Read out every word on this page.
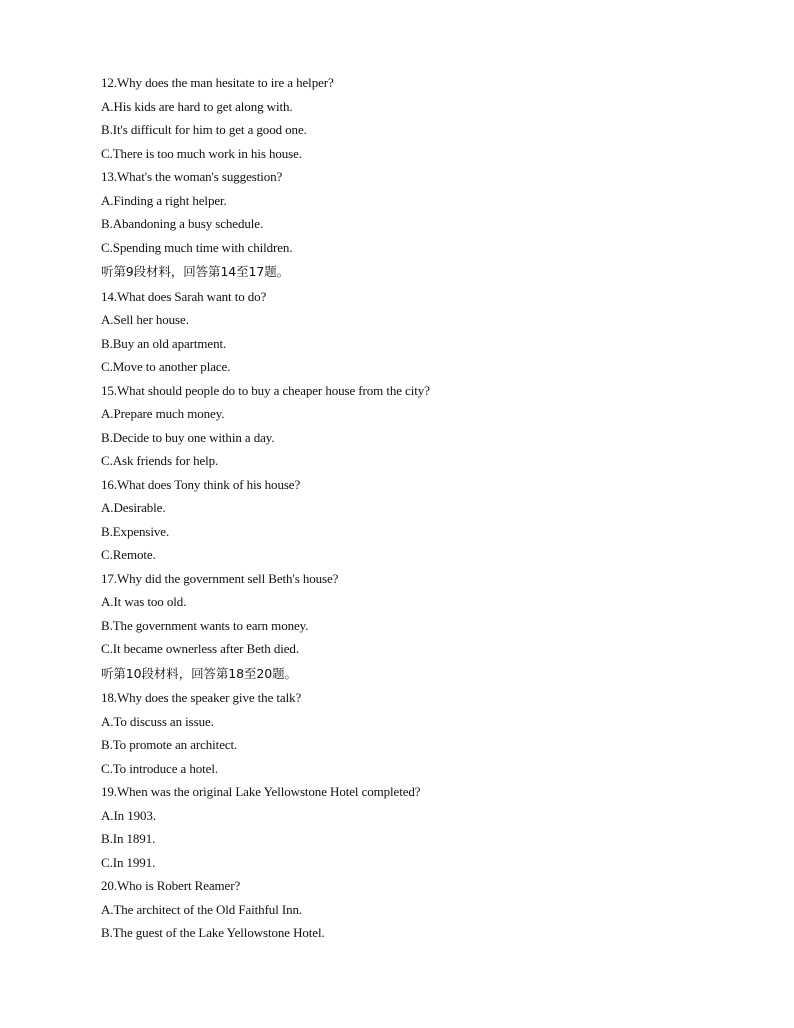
12.Why does the man hesitate to ire a helper?
A.His kids are hard to get along with.
B.It's difficult for him to get a good one.
C.There is too much work in his house.
13.What's the woman's suggestion?
A.Finding a right helper.
B.Abandoning a busy schedule.
C.Spending much time with children.
听第9段材料，回答第14至17题。
14.What does Sarah want to do?
A.Sell her house.
B.Buy an old apartment.
C.Move to another place.
15.What should people do to buy a cheaper house from the city?
A.Prepare much money.
B.Decide to buy one within a day.
C.Ask friends for help.
16.What does Tony think of his house?
A.Desirable.
B.Expensive.
C.Remote.
17.Why did the government sell Beth's house?
A.It was too old.
B.The government wants to earn money.
C.It became ownerless after Beth died.
听第10段材料，回答第18至20题。
18.Why does the speaker give the talk?
A.To discuss an issue.
B.To promote an architect.
C.To introduce a hotel.
19.When was the original Lake Yellowstone Hotel completed?
A.In 1903.
B.In 1891.
C.In 1991.
20.Who is Robert Reamer?
A.The architect of the Old Faithful Inn.
B.The guest of the Lake Yellowstone Hotel.
